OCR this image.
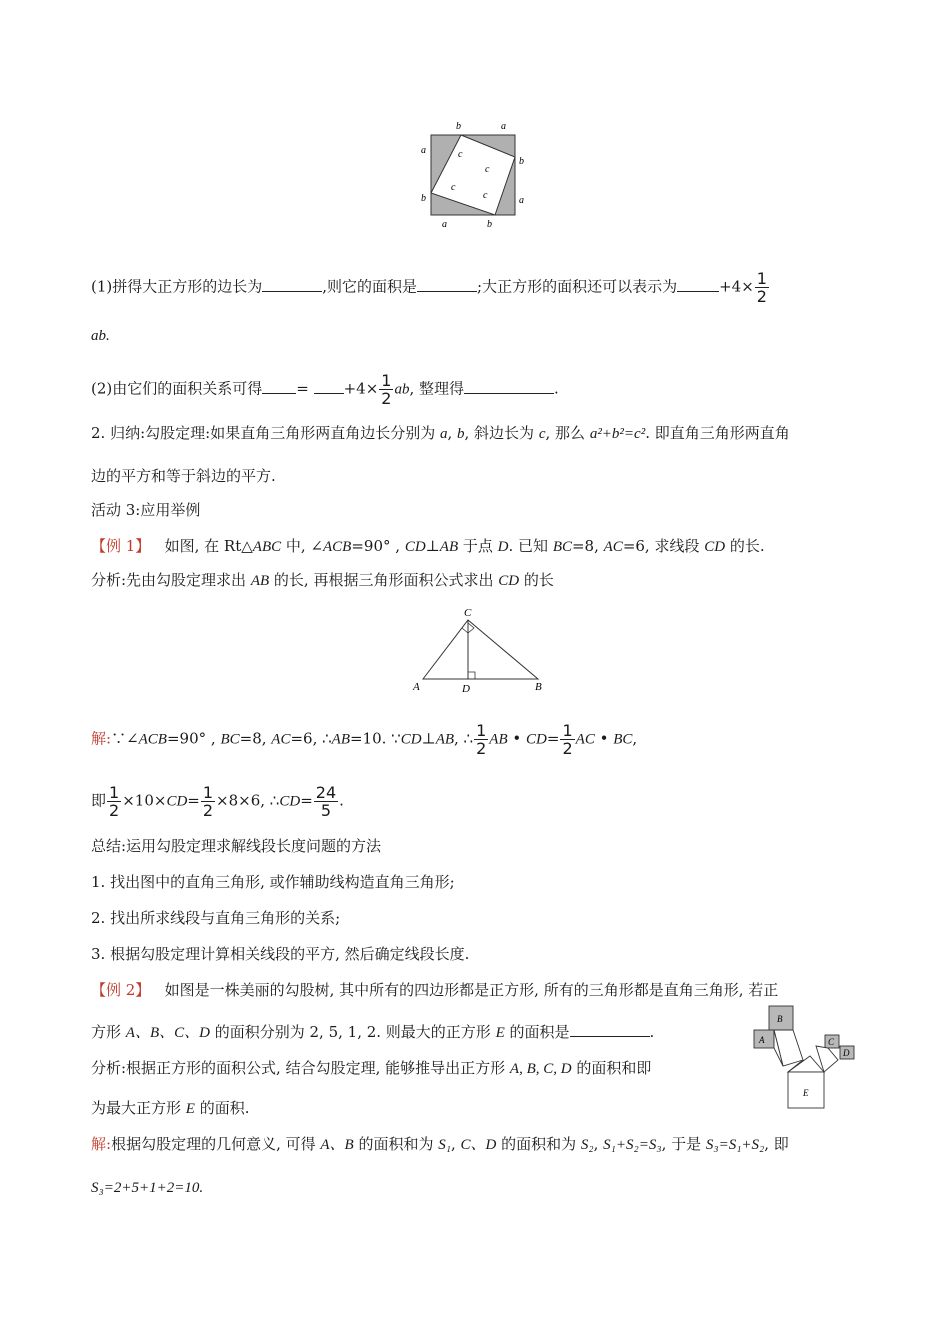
b	a
a
b
b
a
a	b
c
c
c
c
(1)拼得大正方形的边长为	,则它的面积是	;大正方形的面积还可以表示为	$+4\times \frac{1}{2}$
ab.
(2)由它们的面积关系可得 = $+4\times \frac{1}{2}$ ab, 整理得	.
2. 归纳:勾股定理:如果直角三角形两直角边长分别为 a, b, 斜边长为 c, 那么 a²+b²=c². 即直角三角形两直角
边的平方和等于斜边的平方.
活动 3:应用举例
【例 1】 如图, 在 Rt△ABC 中, ∠ACB=90° , CD⊥AB 于点 D. 已知 BC=8, AC=6, 求线段 CD 的长.
分析:先由勾股定理求出 AB 的长, 再根据三角形面积公式求出 CD 的长
C
A	D	B
解:∵∠ACB=90° , BC=8, AC=6, ∴AB=10. ∵CD⊥AB, ∴ $\frac{1}{2}$ AB • $CD= \frac{1}{2}$ AC • BC,
即 $\frac{1}{2} \times 10\times CD= \frac{1}{2} \times 8\times 6$, ∴CD= $\frac{24}{5}$ .
总结:运用勾股定理求解线段长度问题的方法
1. 找出图中的直角三角形, 或作辅助线构造直角三角形;
2. 找出所求线段与直角三角形的关系;
3. 根据勾股定理计算相关线段的平方, 然后确定线段长度.
【例 2】 如图是一株美丽的勾股树, 其中所有的四边形都是正方形, 所有的三角形都是直角三角形, 若正
方形 A、B、C、D 的面积分别为 2, 5, 1, 2. 则最大的正方形 E 的面积是	.
分析:根据正方形的面积公式, 结合勾股定理, 能够推导出正方形 A, B, C, D 的面积和即
为最大正方形 E 的面积.
B
A	C
D
E
解:根据勾股定理的几何意义, 可得 A、B 的面积和为 S₁, C、D 的面积和为 S₂, S₁+S₂=S₃, 于是 S₃=S₁+S₂, 即
S₃=2+5+1+2=10.
